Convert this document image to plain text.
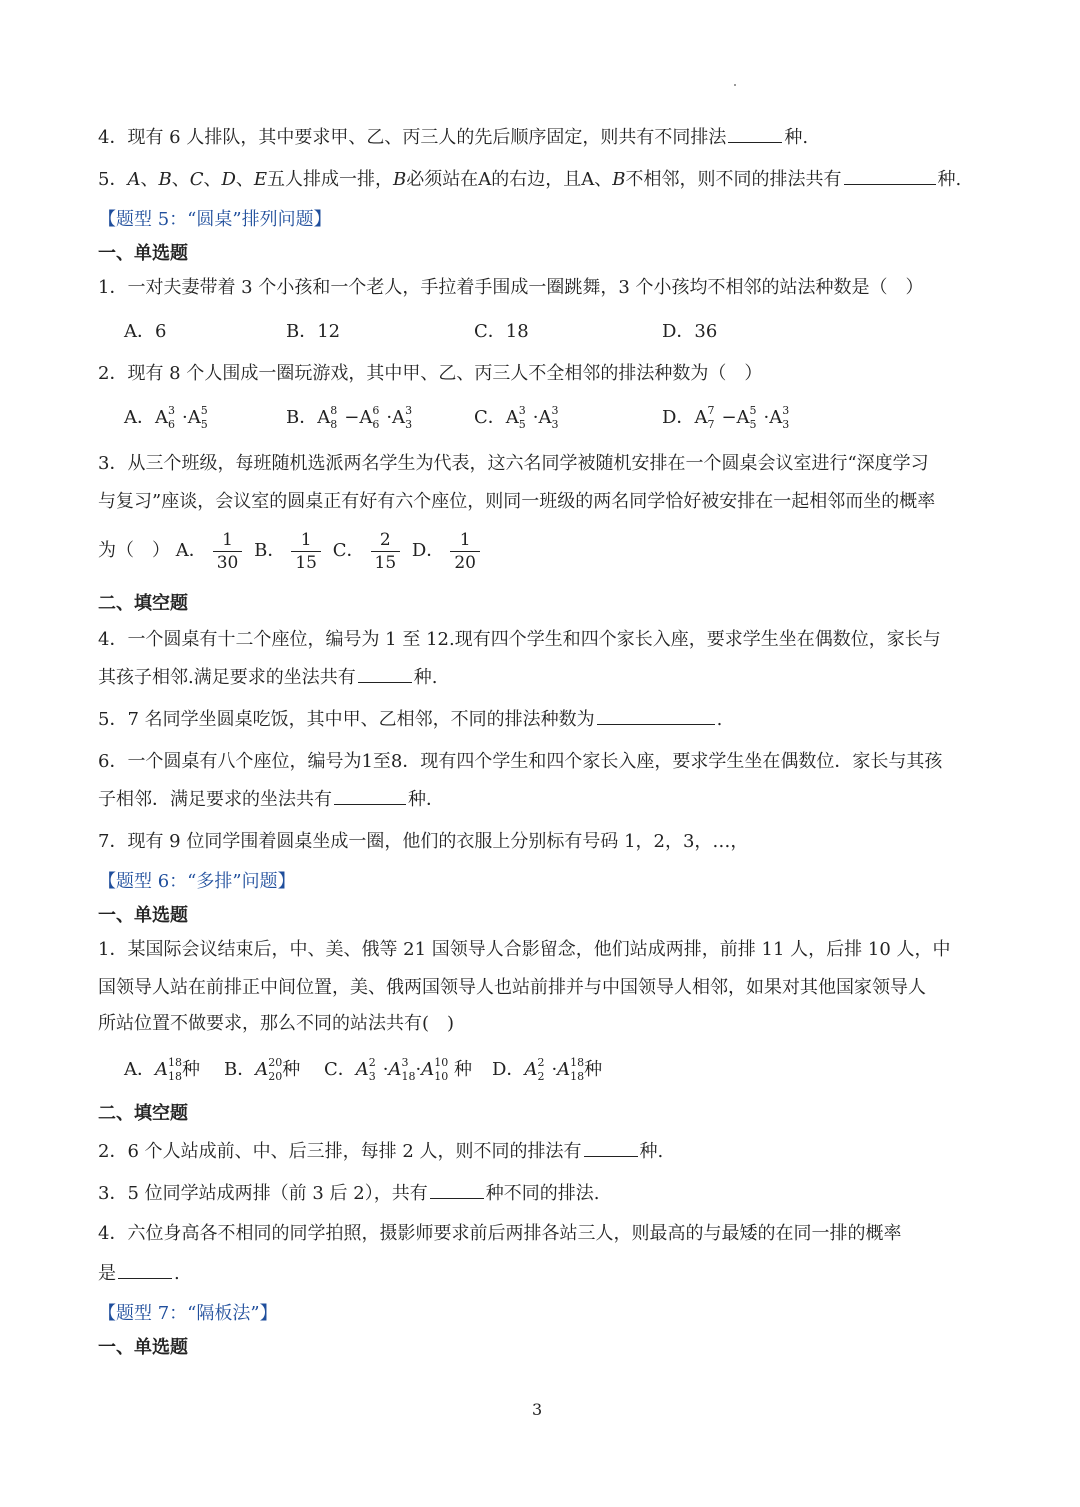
4．现有 6 人排队，其中要求甲、乙、丙三人的先后顺序固定，则共有不同排法	种.
5．A、B、C、D、E五人排成一排，B必须站在A的右边，且A、B不相邻，则不同的排法共有	种.
【题型 5：“圆桌”排列问题】
一、单选题
1．一对夫妻带着 3 个小孩和一个老人，手拉着手围成一圈跳舞，3 个小孩均不相邻的站法种数是（　）
A．6	B．12	C．18	D．36
2．现有 8 个人围成一圈玩游戏，其中甲、乙、丙三人不全相邻的排法种数为（　）
A．A 3
6 ·A 5
5	B．A 8
8 −A 6
6 ·A 3
3	C．A 3
5 ·A 3
3	D．A 7
7 −A 5
5 ·A 3
3
3．从三个班级，每班随机选派两名学生为代表，这六名同学被随机安排在一个圆桌会议室进行“深度学习
与复习”座谈，会议室的圆桌正有好有六个座位，则同一班级的两名同学恰好被安排在一起相邻而坐的概率
为（　） A． $\frac{1}{30}$ B． $\frac{1}{15}$ C． $\frac{2}{15}$ D． $\frac{1}{20}$
二、填空题
4．一个圆桌有十二个座位，编号为 1 至 12.现有四个学生和四个家长入座，要求学生坐在偶数位，家长与
其孩子相邻.满足要求的坐法共有	种.
5．7 名同学坐圆桌吃饭，其中甲、乙相邻，不同的排法种数为	.
6．一个圆桌有八个座位，编号为1至8．现有四个学生和四个家长入座，要求学生坐在偶数位．家长与其孩
子相邻．满足要求的坐法共有	种．
7．现有 9 位同学围着圆桌坐成一圈，他们的衣服上分别标有号码 1，2，3，…，
【题型 6：“多排”问题】
一、单选题
1．某国际会议结束后，中、美、俄等 21 国领导人合影留念，他们站成两排，前排 11 人，后排 10 人，中
国领导人站在前排正中间位置，美、俄两国领导人也站前排并与中国领导人相邻，如果对其他国家领导人
所站位置不做要求，那么不同的站法共有(　)
A．A 18
18 种 B．A 20
20 种 C．A 2
3 ·A 3
18 ·A 10
10 种 D．A 2
2 ·A 18
18 种
二、填空题
2．6 个人站成前、中、后三排，每排 2 人，则不同的排法有	种.
3．5 位同学站成两排（前 3 后 2），共有	种不同的排法.
4．六位身高各不相同的同学拍照，摄影师要求前后两排各站三人，则最高的与最矮的在同一排的概率
是	.
【题型 7：“隔板法”】
一、单选题
3
